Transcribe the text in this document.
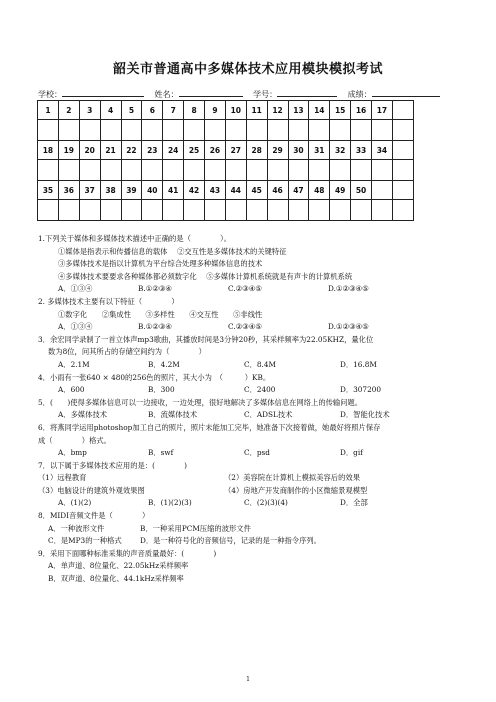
韶关市普通高中多媒体技术应用模块模拟考试
学校：	姓名：	学号：	成绩：
1	2	3	4	5	6	7	8	9	10	11	12	13	14	15	16	17	

18	19	20	21	22	23	24	25	26	27	28	29	30	31	32	33	34	

35	36	37	38	39	40	41	42	43	44	45	46	47	48	49	50		

1.下列关于媒体和多媒体技术描述中正确的是（　　　　）。
①媒体是指表示和传播信息的载体　 ②交互性是多媒体技术的关键特征
③多媒体技术是指以计算机为平台综合处理多种媒体信息的技术
④多媒体技术要要求各种媒体都必须数字化　 ⑤多媒体计算机系统就是有声卡的计算机系统
A．①③④	B.①②③④	C.②③④⑤	D.①②③④⑤
2. 多媒体技术主要有以下特征（　　　　）
①数字化　　②集成性　　③多样性　　④交互性　　⑤非线性
A．①③④	B.①②③④	C.②③④⑤	D.①②③④⑤
3．余宏同学录制了一首立体声mp3歌曲，其播放时间是3分钟20秒，其采样频率为22.05KHZ，量化位
数为8位，问其所占的存储空间约为（　　　　）
A．2.1M	B．4.2M	C．8.4M	D．16.8M
4．小雨有一张640 × 480的256色的照片，其大小为　（　　　）KB。
A．600	B．300	C．2400	D．307200
5．(　　)使得多媒体信息可以一边接收，一边处理，很好地解决了多媒体信息在网络上的传输问题。
A．多媒体技术	B．流媒体技术	C．ADSL技术	D．智能化技术
6．将燕同学运用photoshop加工自己的照片，照片未能加工完毕，她准备下次接着做，她最好将照片保存
成（　　　　）格式。
A．bmp	B．swf	C．psd	D．gif
7．以下属于多媒体技术应用的是：(　　　　)
（1）远程教育	（2）美容院在计算机上模拟美容后的效果
（3）电脑设计的建筑外观效果图	（4）房地产开发商制作的小区微缩景观模型
A．(1)(2)	B．(1)(2)(3)	C．(2)(3)(4)	D．全部
8．MIDI音频文件是（　　　　）
A．一种波形文件	B．一种采用PCM压缩的波形文件
C．是MP3的一种格式	D．是一种符号化的音频信号，记录的是一种指令序列。
9．采用下面哪种标准采集的声音质量最好：(　　　　)
A．单声道、8位量化、22.05kHz采样频率
B．双声道、8位量化、44.1kHz采样频率
1
